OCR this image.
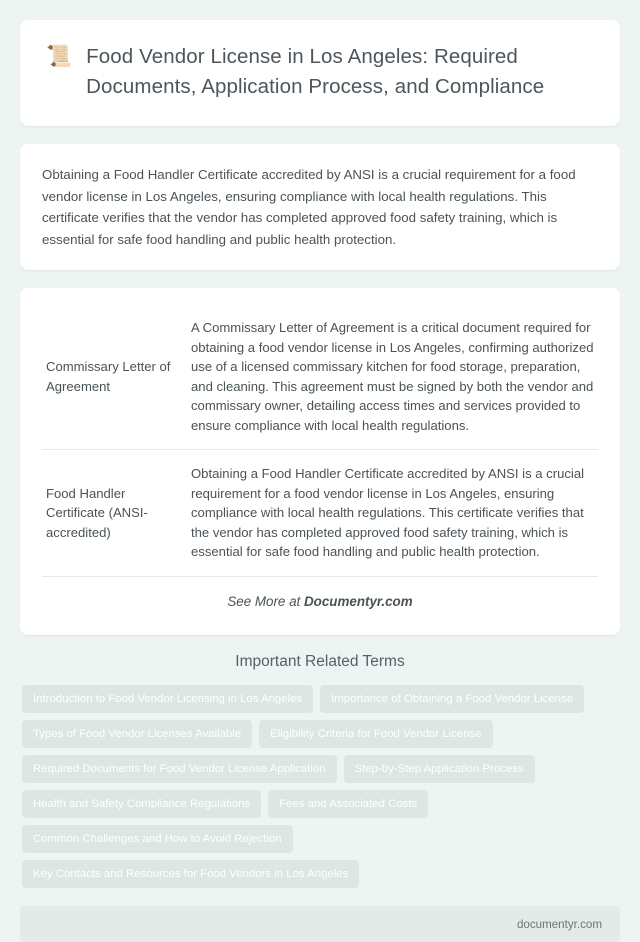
📜 Food Vendor License in Los Angeles: Required Documents, Application Process, and Compliance

Obtaining a Food Handler Certificate accredited by ANSI is a crucial requirement for a food vendor license in Los Angeles, ensuring compliance with local health regulations. This certificate verifies that the vendor has completed approved food safety training, which is essential for safe food handling and public health protection.

Commissary Letter of Agreement	A Commissary Letter of Agreement is a critical document required for obtaining a food vendor license in Los Angeles, confirming authorized use of a licensed commissary kitchen for food storage, preparation, and cleaning. This agreement must be signed by both the vendor and commissary owner, detailing access times and services provided to ensure compliance with local health regulations.
Food Handler Certificate (ANSI-accredited)	Obtaining a Food Handler Certificate accredited by ANSI is a crucial requirement for a food vendor license in Los Angeles, ensuring compliance with local health regulations. This certificate verifies that the vendor has completed approved food safety training, which is essential for safe food handling and public health protection.
See More at Documentyr.com	
Important Related Terms
Introduction to Food Vendor Licensing in Los Angeles	Importance of Obtaining a Food Vendor License
Types of Food Vendor Licenses Available	Eligibility Criteria for Food Vendor License
Required Documents for Food Vendor License Application	Step-by-Step Application Process
Health and Safety Compliance Regulations	Fees and Associated Costs
Common Challenges and How to Avoid Rejection
Key Contacts and Resources for Food Vendors in Los Angeles
documentyr.com
